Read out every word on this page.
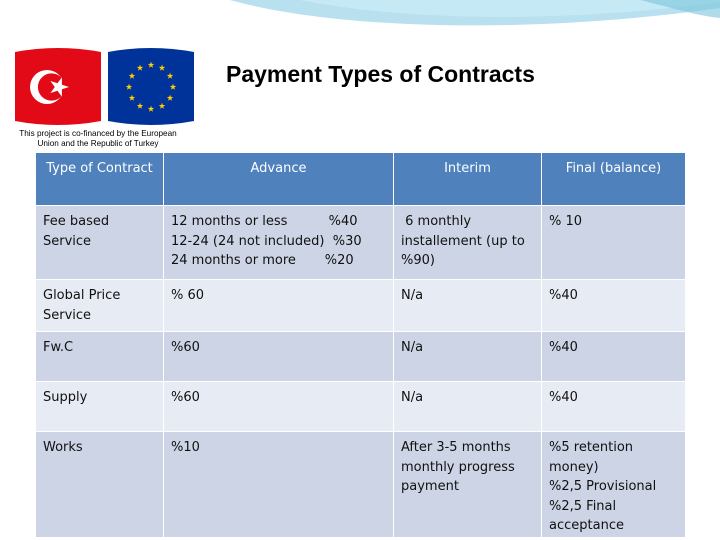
Payment Types of Contracts
This project is co-financed by the European
Union and the Republic of Turkey
Type of Contract	Advance	Interim	Final (balance)

Fee based
Service	12 months or less          %40
12-24 (24 not included)  %30
24 months or more       %20	6 monthly
installement (up to
%90)	% 10

Global Price
Service	% 60	N/a	%40

Fw.C	%60	N/a	%40

Supply	%60	N/a	%40

Works	%10	After 3-5 months
monthly progress
payment	%5 retention
money)
%2,5 Provisional
%2,5 Final
acceptance
